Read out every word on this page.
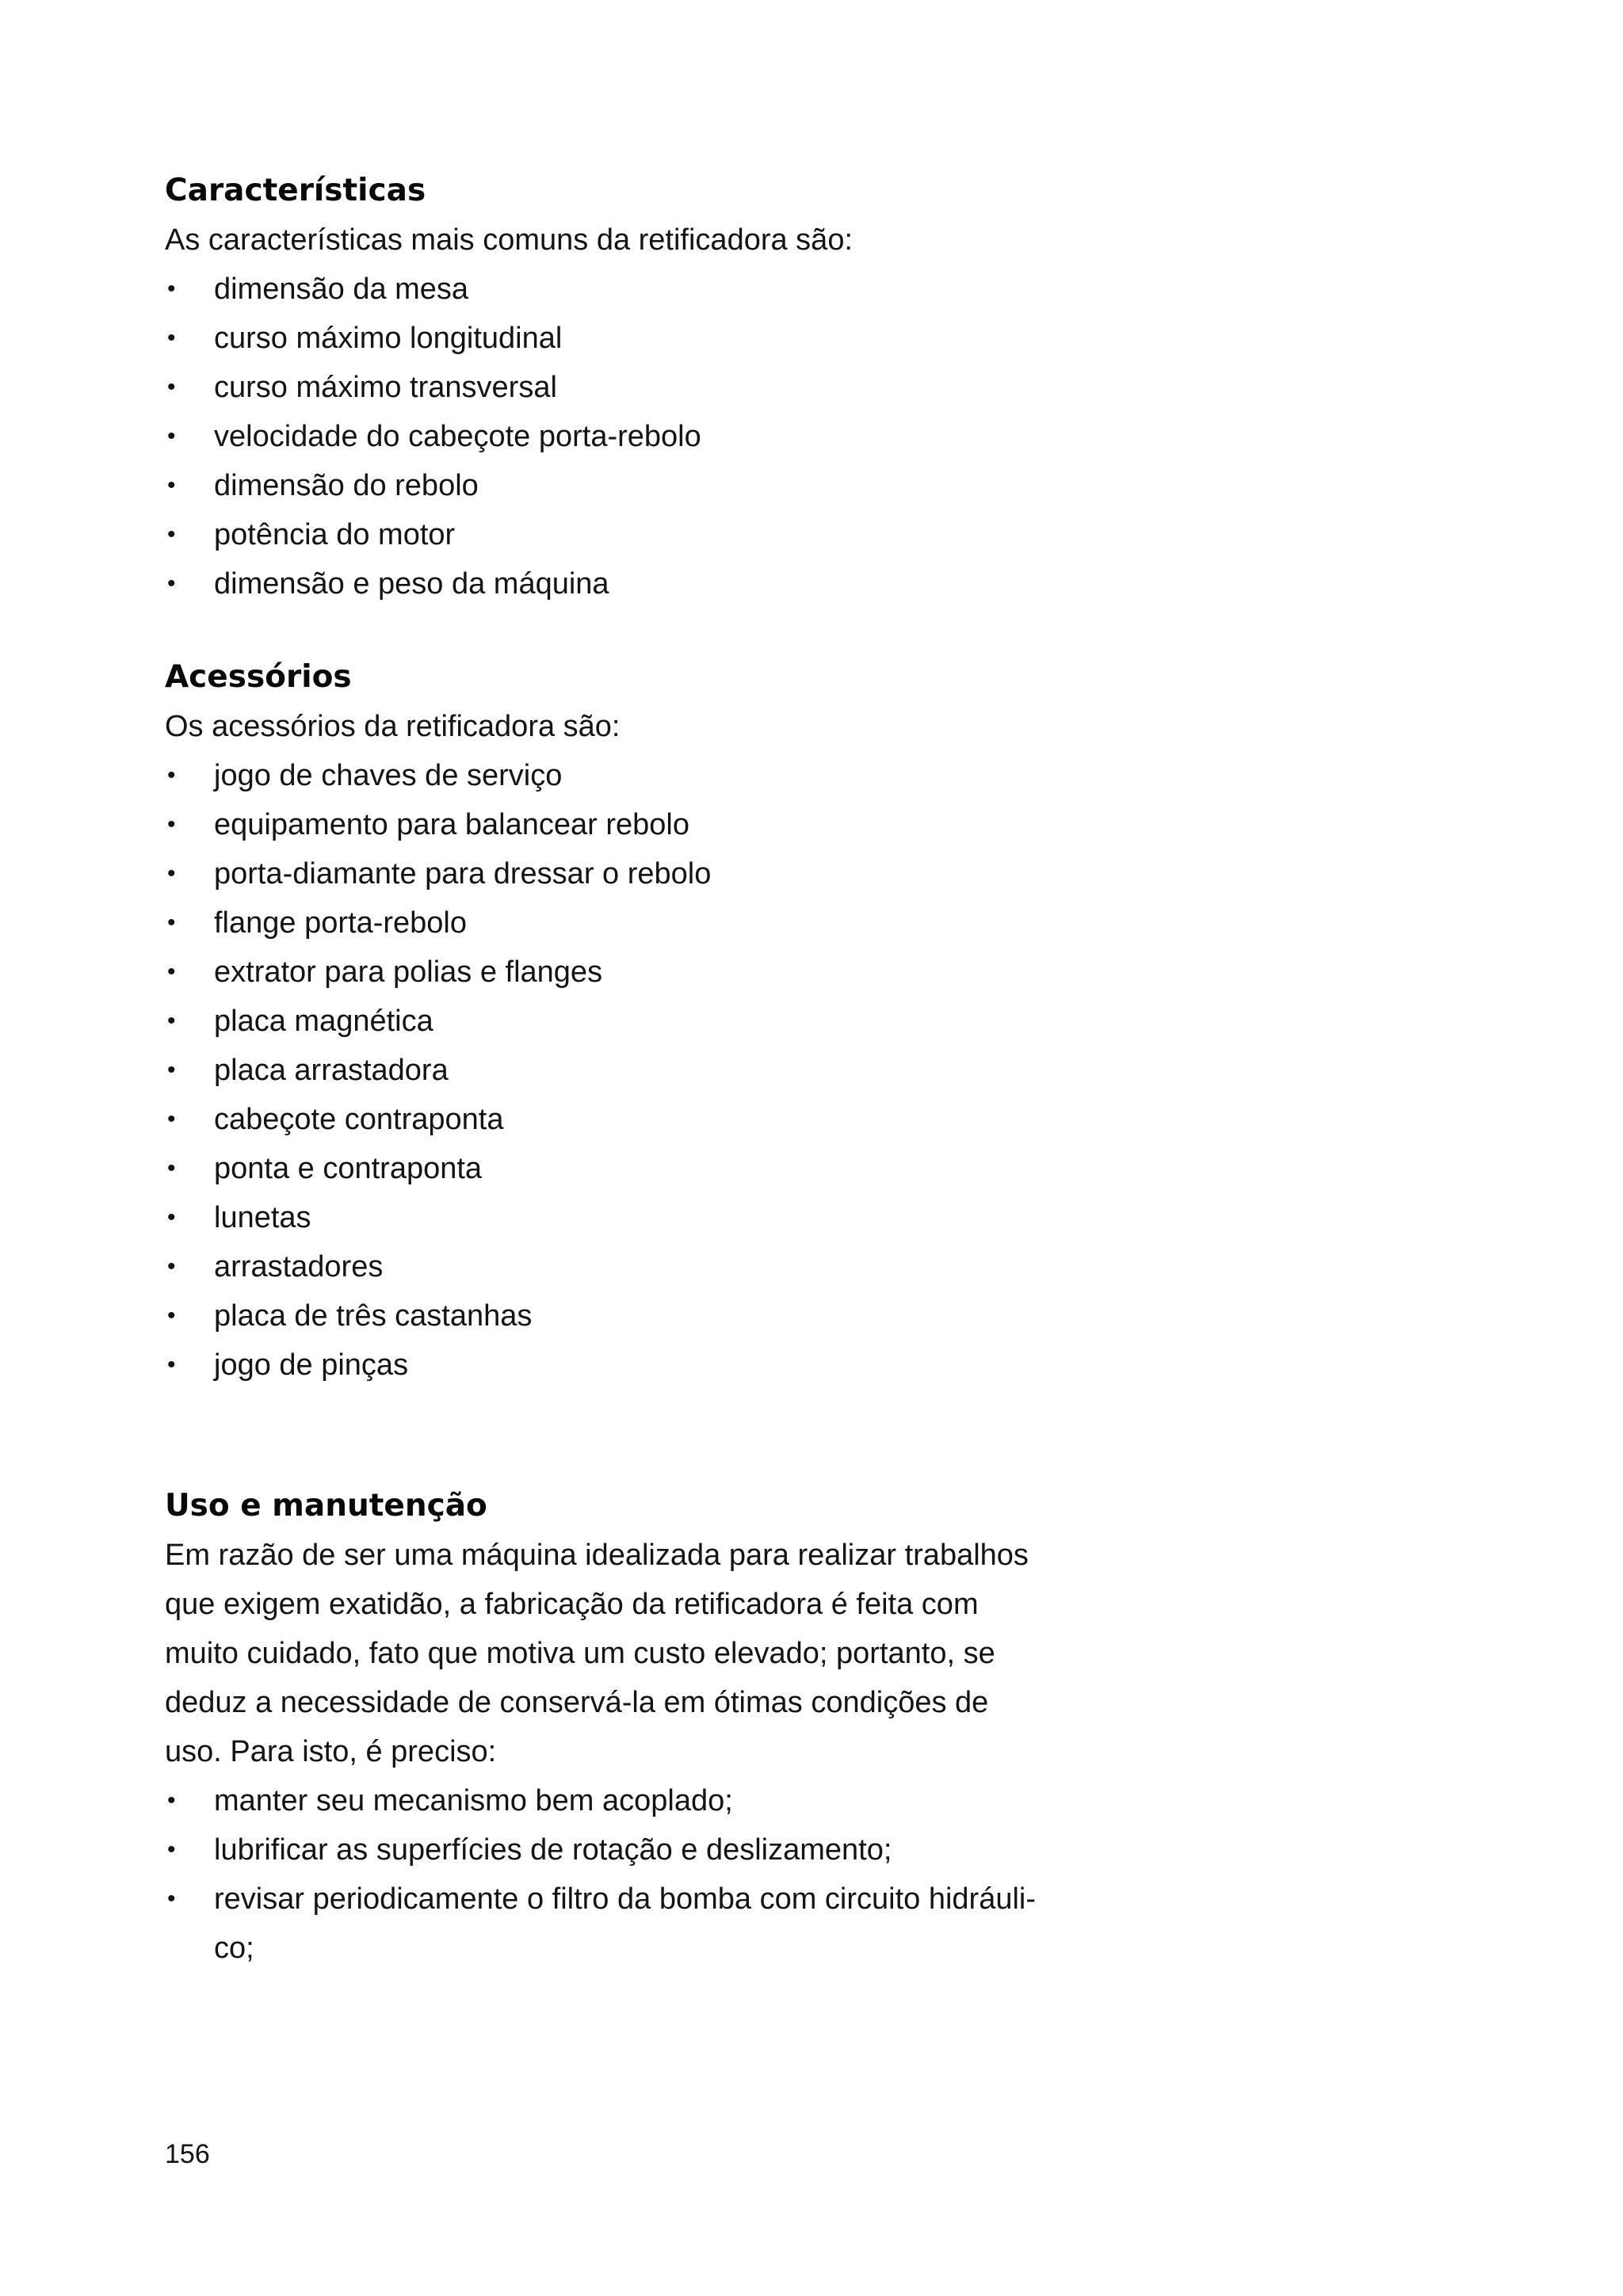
Características

As características mais comuns da retificadora são:

• dimensão da mesa
• curso máximo longitudinal
• curso máximo transversal
• velocidade do cabeçote porta-rebolo
• dimensão do rebolo
• potência do motor
• dimensão e peso da máquina
Acessórios

Os acessórios da retificadora são:

• jogo de chaves de serviço
• equipamento para balancear rebolo
• porta-diamante para dressar o rebolo
• flange porta-rebolo
• extrator para polias e flanges
• placa magnética
• placa arrastadora
• cabeçote contraponta
• ponta e contraponta
• lunetas
• arrastadores
• placa de três castanhas
• jogo de pinças
Uso e manutenção
Em razão de ser uma máquina idealizada para realizar trabalhos
que exigem exatidão, a fabricação da retificadora é feita com
muito cuidado, fato que motiva um custo elevado; portanto, se
deduz a necessidade de conservá-la em ótimas condições de
uso. Para isto, é preciso:
• manter seu mecanismo bem acoplado;
• lubrificar as superfícies de rotação e deslizamento;
• revisar periodicamente o filtro da bomba com circuito hidráuli-
co;
156
